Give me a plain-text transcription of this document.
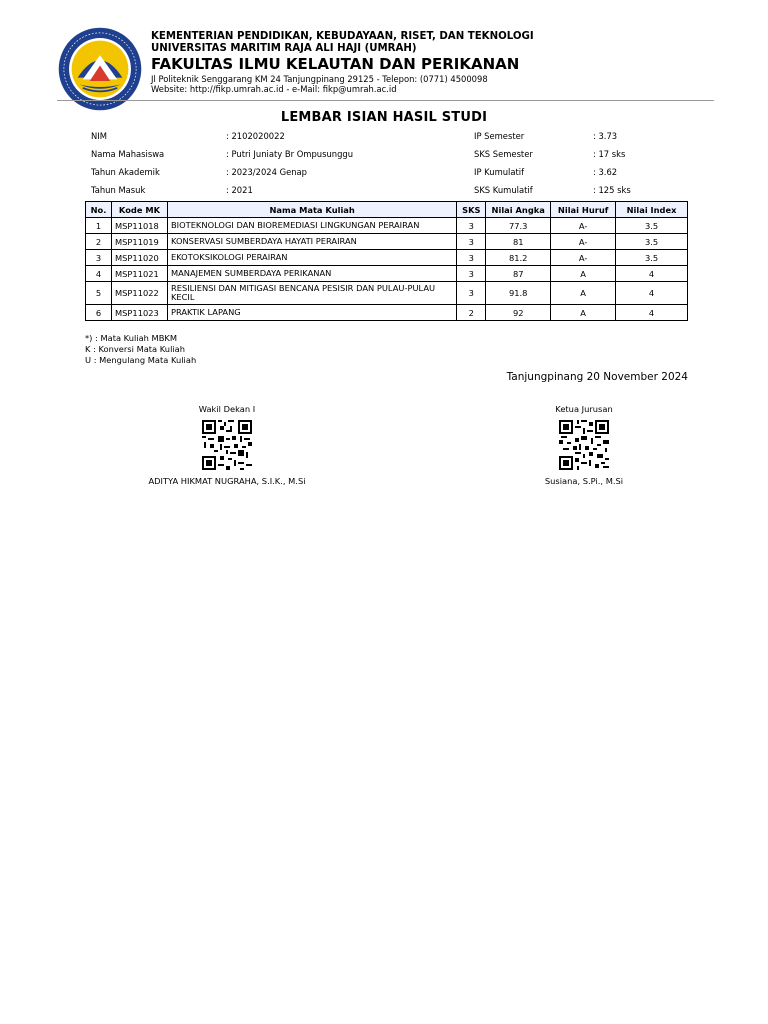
KEMENTERIAN PENDIDIKAN, KEBUDAYAAN, RISET, DAN TEKNOLOGI
UNIVERSITAS MARITIM RAJA ALI HAJI (UMRAH)
FAKULTAS ILMU KELAUTAN DAN PERIKANAN
Jl Politeknik Senggarang KM 24 Tanjungpinang 29125 - Telepon: (0771) 4500098
Website: http://fikp.umrah.ac.id - e-Mail: fikp@umrah.ac.id
LEMBAR ISIAN HASIL STUDI
NIM	: 2102020022
Nama Mahasiswa	: Putri Juniaty Br Ompusunggu
Tahun Akademik	: 2023/2024 Genap
Tahun Masuk	: 2021
IP Semester	: 3.73
SKS Semester	: 17 sks
IP Kumulatif	: 3.62
SKS Kumulatif	: 125 sks
No.	Kode MK	Nama Mata Kuliah	SKS	Nilai Angka	Nilai Huruf	Nilai Index
1	MSP11018	BIOTEKNOLOGI DAN BIOREMEDIASI LINGKUNGAN PERAIRAN	3	77.3	A-	3.5
2	MSP11019	KONSERVASI SUMBERDAYA HAYATI PERAIRAN	3	81	A-	3.5
3	MSP11020	EKOTOKSIKOLOGI PERAIRAN	3	81.2	A-	3.5
4	MSP11021	MANAJEMEN SUMBERDAYA PERIKANAN	3	87	A	4
5	MSP11022	RESILIENSI DAN MITIGASI BENCANA PESISIR DAN PULAU-PULAU KECIL	3	91.8	A	4
6	MSP11023	PRAKTIK LAPANG	2	92	A	4
*) : Mata Kuliah MBKM
K : Konversi Mata Kuliah
U : Mengulang Mata Kuliah
Tanjungpinang 20 November 2024
Wakil Dekan I
ADITYA HIKMAT NUGRAHA, S.I.K., M.Si
Ketua Jurusan
Susiana, S.Pi., M.Si
